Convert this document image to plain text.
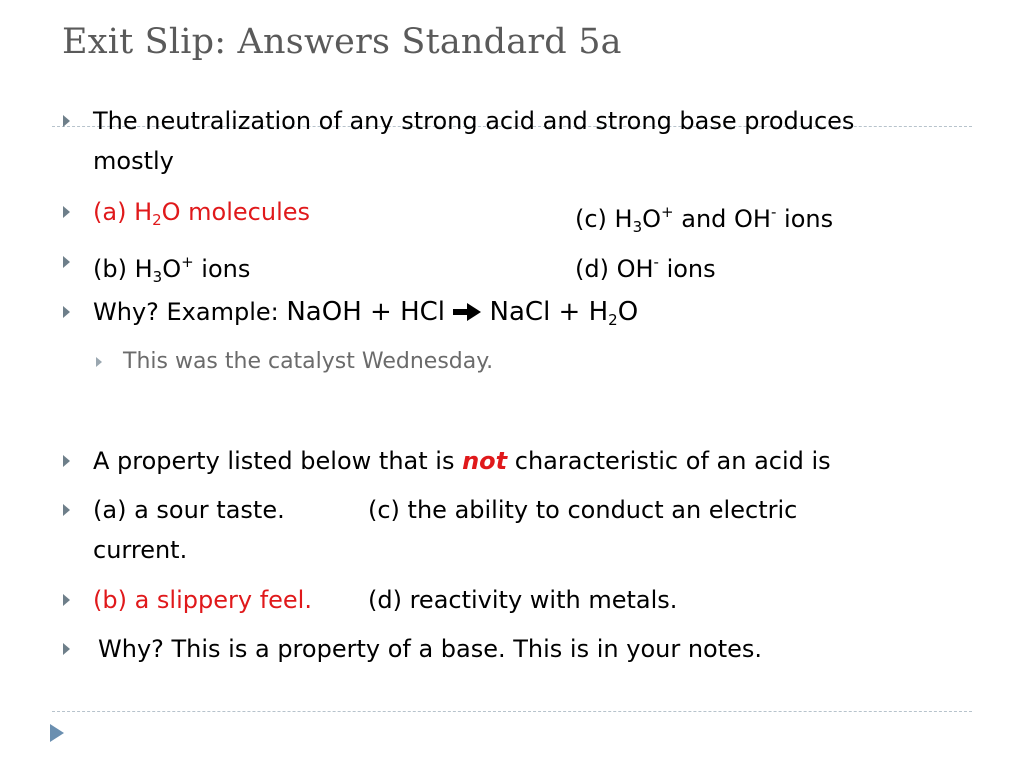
Exit Slip: Answers Standard 5a
The neutralization of any strong acid and strong base produces
mostly
(a) $H_2O$ molecules	(c) $H_3O^+$ and OH- ions
(b) $H_3O^+$ ions	(d) OH- ions
Why? Example: NaOH + HCl  NaCl + $H_2O$
This was the catalyst Wednesday.
A property listed below that is not characteristic of an acid is
(a) a sour taste.	(c) the ability to conduct an electric
current.
(b) a slippery feel. (d) reactivity with metals.
Why? This is a property of a base. This is in your notes.
